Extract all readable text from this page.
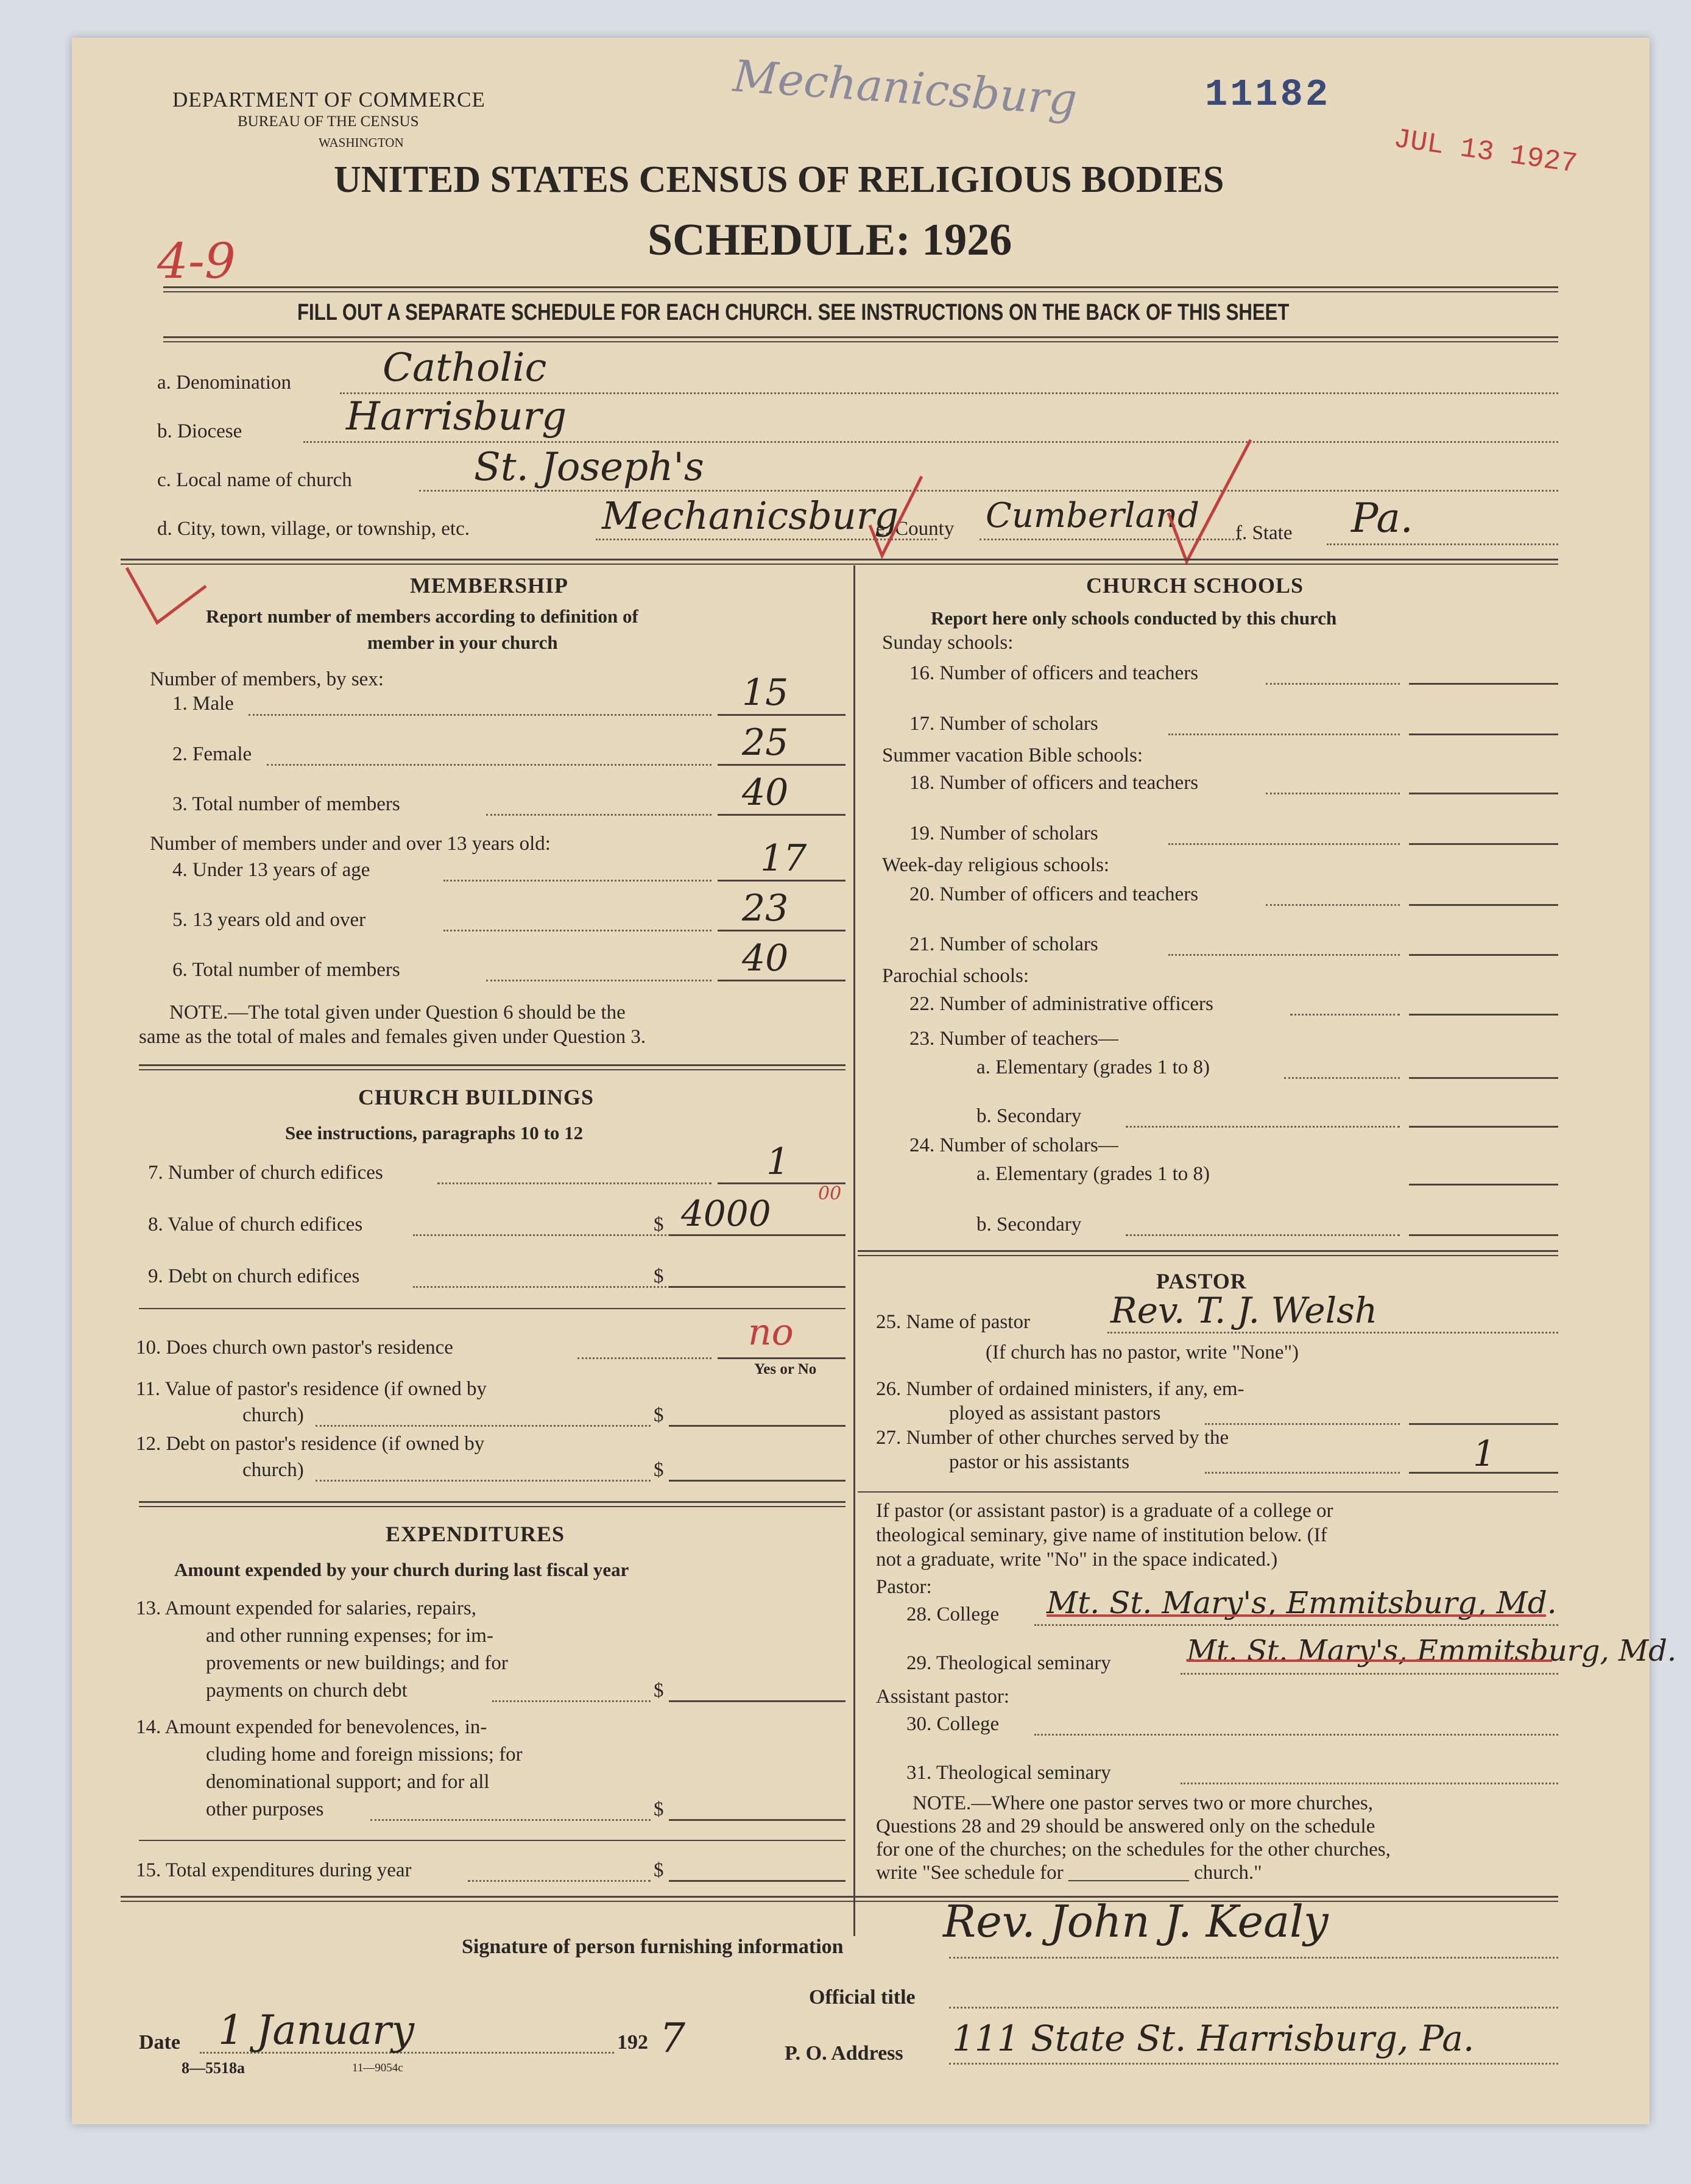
DEPARTMENT OF COMMERCE
BUREAU OF THE CENSUS
WASHINGTON
Mechanicsburg	11182
JUL 13 1927
UNITED STATES CENSUS OF RELIGIOUS BODIES
SCHEDULE: 1926
4-9
FILL OUT A SEPARATE SCHEDULE FOR EACH CHURCH. SEE INSTRUCTIONS ON THE BACK OF THIS SHEET
a. Denomination Catholic
b. Diocese	Harrisburg
c. Local name of church	St. Joseph's
d. City, town, village, or township, etc.	Mechanicsburg
e. County Cumberland f. State Pa.
MEMBERSHIP
Report number of members according to definition of
member in your church
Number of members, by sex:
1. Male	15
2. Female	25
3. Total number of members	40
Number of members under and over 13 years old:
4. Under 13 years of age	17
5. 13 years old and over	23
6. Total number of members	40
NOTE.—The total given under Question 6 should be the
same as the total of males and females given under Question 3.
CHURCH BUILDINGS
See instructions, paragraphs 10 to 12
7. Number of church edifices	1
8. Value of church edifices	$ 4000	00
9. Debt on church edifices	$
10. Does church own pastor's residence	no
Yes or No
11. Value of pastor's residence (if owned by
church)	$
12. Debt on pastor's residence (if owned by
church)	$
EXPENDITURES
Amount expended by your church during last fiscal year
13. Amount expended for salaries, repairs,
and other running expenses; for im-
provements or new buildings; and for
payments on church debt	$
14. Amount expended for benevolences, in-
cluding home and foreign missions; for
denominational support; and for all
other purposes	$
15. Total expenditures during year	$
CHURCH SCHOOLS
Report here only schools conducted by this church
Sunday schools:
16. Number of officers and teachers
17. Number of scholars
Summer vacation Bible schools:
18. Number of officers and teachers
19. Number of scholars
Week-day religious schools:
20. Number of officers and teachers
21. Number of scholars
Parochial schools:
22. Number of administrative officers
23. Number of teachers—
a. Elementary (grades 1 to 8)
b. Secondary
24. Number of scholars—
a. Elementary (grades 1 to 8)
b. Secondary
PASTOR
25. Name of pastor Rev. T. J. Welsh
(If church has no pastor, write "None")
26. Number of ordained ministers, if any, em-
ployed as assistant pastors
27. Number of other churches served by the
pastor or his assistants	1
If pastor (or assistant pastor) is a graduate of a college or
theological seminary, give name of institution below. (If
not a graduate, write "No" in the space indicated.)
Pastor:
28. College Mt. St. Mary's, Emmitsburg, Md.
29. Theological seminary	Mt. St. Mary's, Emmitsburg, Md.
Assistant pastor:
30. College
31. Theological seminary
NOTE.—Where one pastor serves two or more churches,
Questions 28 and 29 should be answered only on the schedule
for one of the churches; on the schedules for the other churches,
write "See schedule for ____________ church."
Signature of person furnishing information Rev. John J. Kealy
Official title
Date 1 January	192 7	P. O. Address 111 State St. Harrisburg, Pa.
8—5518a	11—9054c
